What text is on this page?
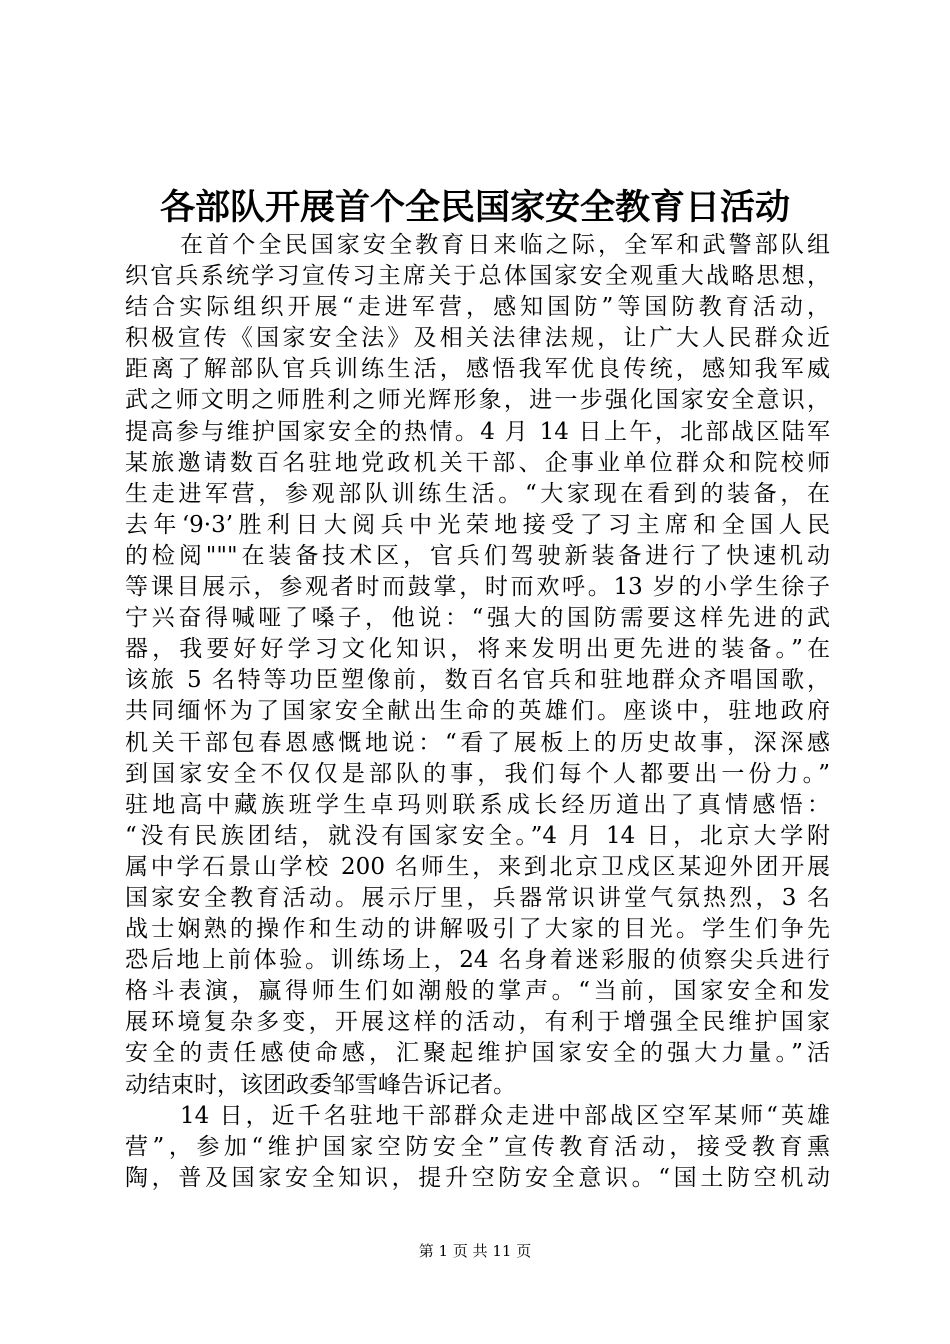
各部队开展首个全民国家安全教育日活动
在首个全民国家安全教育日来临之际，全军和武警部队组
织官兵系统学习宣传习主席关于总体国家安全观重大战略思想，
结合实际组织开展“走进军营，感知国防”等国防教育活动，
积极宣传《国家安全法》及相关法律法规，让广大人民群众近
距离了解部队官兵训练生活，感悟我军优良传统，感知我军威
武之师文明之师胜利之师光辉形象，进一步强化国家安全意识，
提高参与维护国家安全的热情。4 月 14 日上午，北部战区陆军
某旅邀请数百名驻地党政机关干部、企事业单位群众和院校师
生走进军营，参观部队训练生活。“大家现在看到的装备，在
去年‘9·3’胜利日大阅兵中光荣地接受了习主席和全国人民
的检阅"""在装备技术区，官兵们驾驶新装备进行了快速机动
等课目展示，参观者时而鼓掌，时而欢呼。13 岁的小学生徐子
宁兴奋得喊哑了嗓子，他说：“强大的国防需要这样先进的武
器，我要好好学习文化知识，将来发明出更先进的装备。”在
该旅 5 名特等功臣塑像前，数百名官兵和驻地群众齐唱国歌，
共同缅怀为了国家安全献出生命的英雄们。座谈中，驻地政府
机关干部包春恩感慨地说：“看了展板上的历史故事，深深感
到国家安全不仅仅是部队的事，我们每个人都要出一份力。”
驻地高中藏族班学生卓玛则联系成长经历道出了真情感悟：
“没有民族团结，就没有国家安全。”4 月 14 日，北京大学附
属中学石景山学校 200 名师生，来到北京卫戍区某迎外团开展
国家安全教育活动。展示厅里，兵器常识讲堂气氛热烈，3 名
战士娴熟的操作和生动的讲解吸引了大家的目光。学生们争先
恐后地上前体验。训练场上，24 名身着迷彩服的侦察尖兵进行
格斗表演，赢得师生们如潮般的掌声。“当前，国家安全和发
展环境复杂多变，开展这样的活动，有利于增强全民维护国家
安全的责任感使命感，汇聚起维护国家安全的强大力量。”活
动结束时，该团政委邹雪峰告诉记者。
14 日，近千名驻地干部群众走进中部战区空军某师“英雄
营”，参加“维护国家空防安全”宣传教育活动，接受教育熏
陶，普及国家安全知识，提升空防安全意识。“国土防空机动
第 1 页 共 11 页
